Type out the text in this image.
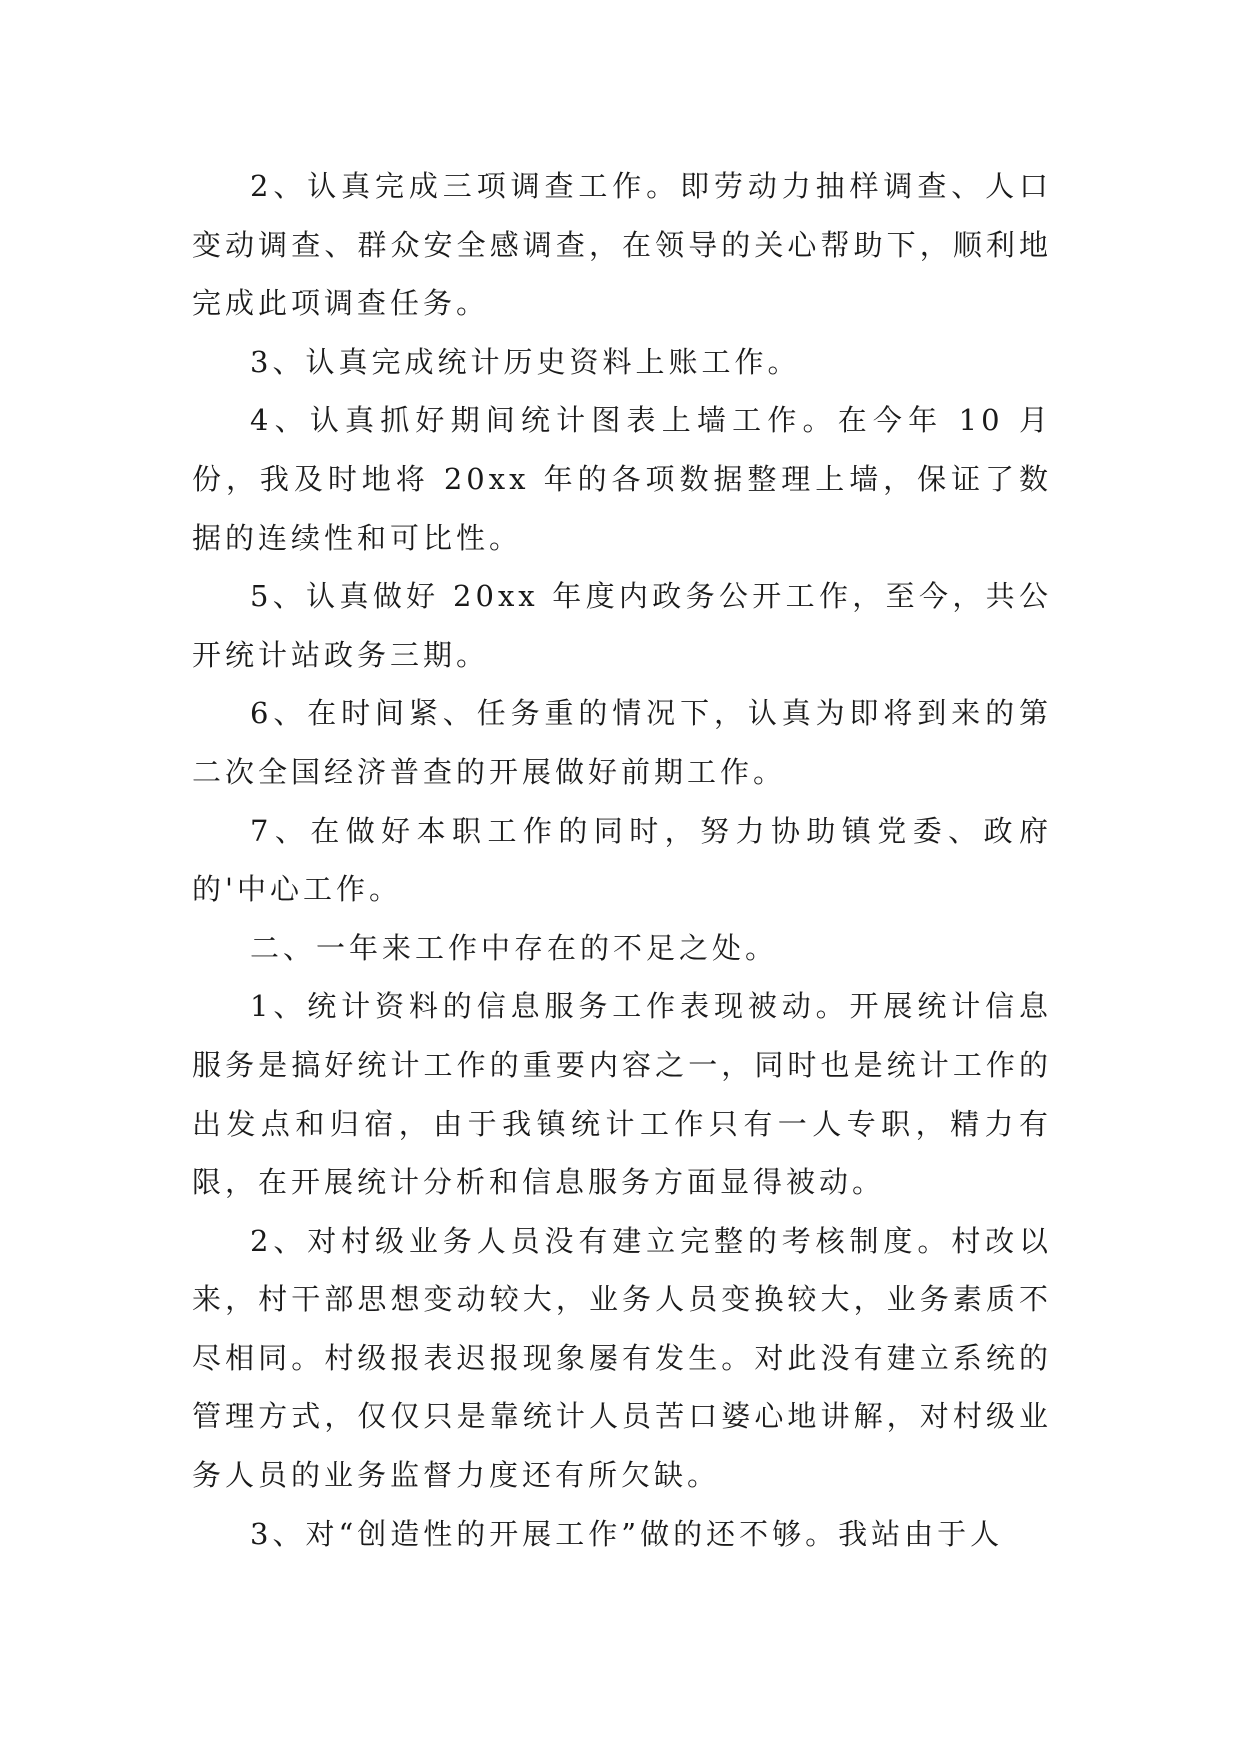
2、认真完成三项调查工作。即劳动力抽样调查、人口变动调查、群众安全感调查，在领导的关心帮助下，顺利地完成此项调查任务。

3、认真完成统计历史资料上账工作。

4、认真抓好期间统计图表上墙工作。在今年 10 月份，我及时地将 20xx 年的各项数据整理上墙，保证了数据的连续性和可比性。

5、认真做好 20xx 年度内政务公开工作，至今，共公开统计站政务三期。

6、在时间紧、任务重的情况下，认真为即将到来的第二次全国经济普查的开展做好前期工作。

7、在做好本职工作的同时，努力协助镇党委、政府的'中心工作。

二、一年来工作中存在的不足之处。

1、统计资料的信息服务工作表现被动。开展统计信息服务是搞好统计工作的重要内容之一，同时也是统计工作的出发点和归宿，由于我镇统计工作只有一人专职，精力有限，在开展统计分析和信息服务方面显得被动。

2、对村级业务人员没有建立完整的考核制度。村改以来，村干部思想变动较大，业务人员变换较大，业务素质不尽相同。村级报表迟报现象屡有发生。对此没有建立系统的管理方式，仅仅只是靠统计人员苦口婆心地讲解，对村级业务人员的业务监督力度还有所欠缺。

3、对“创造性的开展工作”做的还不够。我站由于人
